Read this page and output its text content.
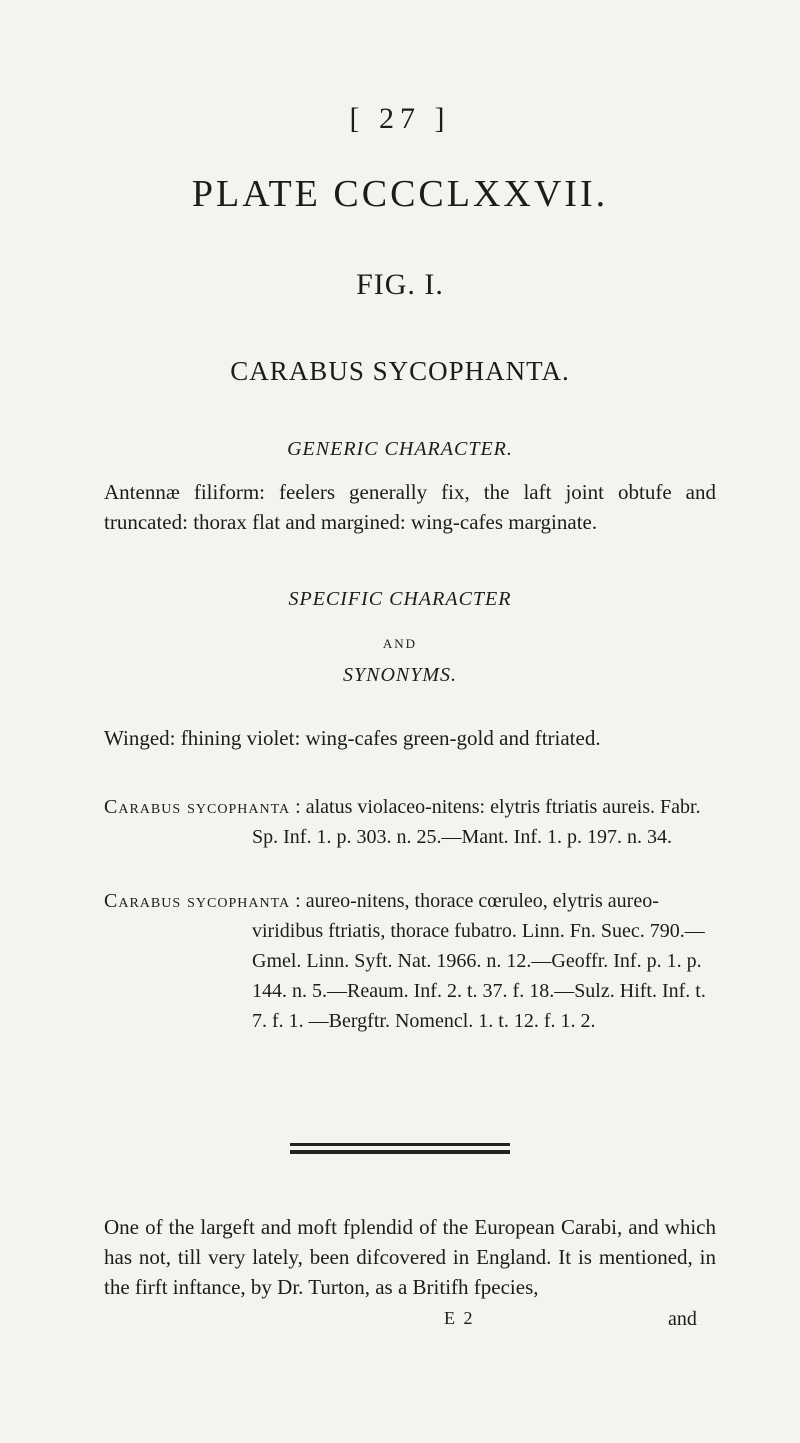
[ 27 ]
PLATE CCCCLXXVII.
FIG. I.
CARABUS SYCOPHANTA.
GENERIC CHARACTER.
Antennæ filiform: feelers generally fix, the laft joint obtufe and truncated: thorax flat and margined: wing-cafes marginate.
SPECIFIC CHARACTER
AND
SYNONYMS.
Winged: fhining violet: wing-cafes green-gold and ftriated.
Carabus sycophanta : alatus violaceo-nitens: elytris ftriatis aureis. Fabr. Sp. Inf. 1. p. 303. n. 25.—Mant. Inf. 1. p. 197. n. 34.
Carabus sycophanta : aureo-nitens, thorace cœruleo, elytris aureo-viridibus ftriatis, thorace fubatro. Linn. Fn. Suec. 790.—Gmel. Linn. Syft. Nat. 1966. n. 12.—Geoffr. Inf. p. 1. p. 144. n. 5.—Reaum. Inf. 2. t. 37. f. 18.—Sulz. Hift. Inf. t. 7. f. 1. —Bergftr. Nomencl. 1. t. 12. f. 1. 2.
One of the largeft and moft fplendid of the European Carabi, and which has not, till very lately, been difcovered in England. It is mentioned, in the firft inftance, by Dr. Turton, as a Britifh fpecies,
E 2	and
